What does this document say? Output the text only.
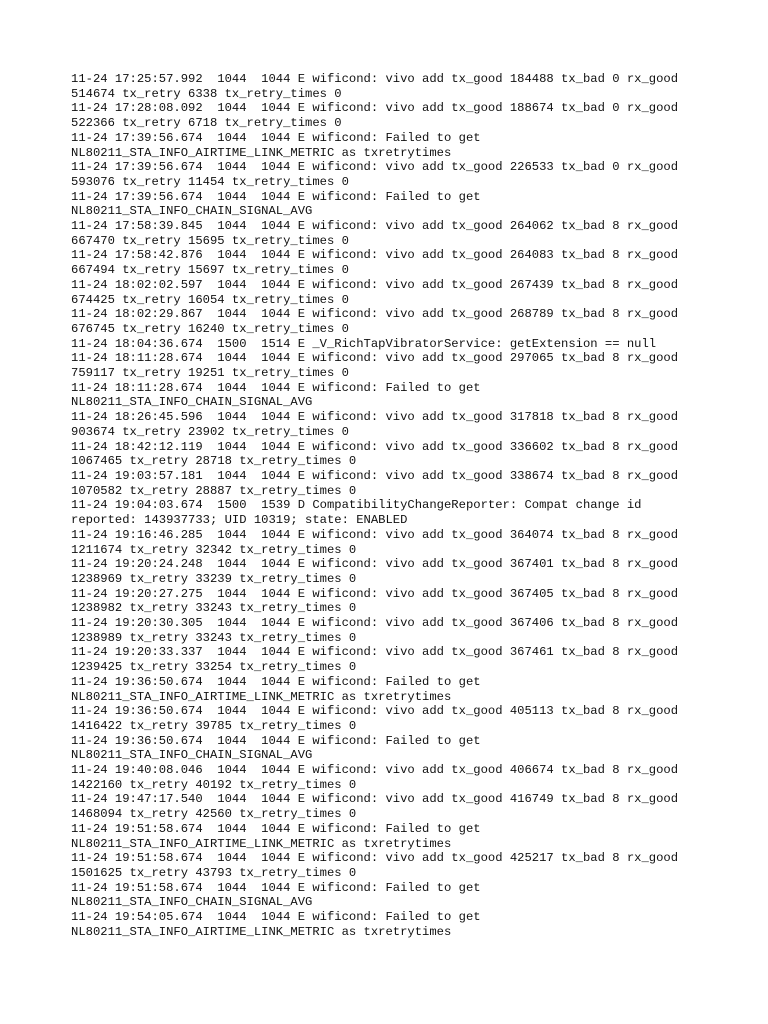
11-24 17:25:57.992  1044  1044 E wificond: vivo add tx_good 184488 tx_bad 0 rx_good
514674 tx_retry 6338 tx_retry_times 0
11-24 17:28:08.092  1044  1044 E wificond: vivo add tx_good 188674 tx_bad 0 rx_good
522366 tx_retry 6718 tx_retry_times 0
11-24 17:39:56.674  1044  1044 E wificond: Failed to get
NL80211_STA_INFO_AIRTIME_LINK_METRIC as txretrytimes
11-24 17:39:56.674  1044  1044 E wificond: vivo add tx_good 226533 tx_bad 0 rx_good
593076 tx_retry 11454 tx_retry_times 0
11-24 17:39:56.674  1044  1044 E wificond: Failed to get
NL80211_STA_INFO_CHAIN_SIGNAL_AVG
11-24 17:58:39.845  1044  1044 E wificond: vivo add tx_good 264062 tx_bad 8 rx_good
667470 tx_retry 15695 tx_retry_times 0
11-24 17:58:42.876  1044  1044 E wificond: vivo add tx_good 264083 tx_bad 8 rx_good
667494 tx_retry 15697 tx_retry_times 0
11-24 18:02:02.597  1044  1044 E wificond: vivo add tx_good 267439 tx_bad 8 rx_good
674425 tx_retry 16054 tx_retry_times 0
11-24 18:02:29.867  1044  1044 E wificond: vivo add tx_good 268789 tx_bad 8 rx_good
676745 tx_retry 16240 tx_retry_times 0
11-24 18:04:36.674  1500  1514 E _V_RichTapVibratorService: getExtension == null
11-24 18:11:28.674  1044  1044 E wificond: vivo add tx_good 297065 tx_bad 8 rx_good
759117 tx_retry 19251 tx_retry_times 0
11-24 18:11:28.674  1044  1044 E wificond: Failed to get
NL80211_STA_INFO_CHAIN_SIGNAL_AVG
11-24 18:26:45.596  1044  1044 E wificond: vivo add tx_good 317818 tx_bad 8 rx_good
903674 tx_retry 23902 tx_retry_times 0
11-24 18:42:12.119  1044  1044 E wificond: vivo add tx_good 336602 tx_bad 8 rx_good
1067465 tx_retry 28718 tx_retry_times 0
11-24 19:03:57.181  1044  1044 E wificond: vivo add tx_good 338674 tx_bad 8 rx_good
1070582 tx_retry 28887 tx_retry_times 0
11-24 19:04:03.674  1500  1539 D CompatibilityChangeReporter: Compat change id
reported: 143937733; UID 10319; state: ENABLED
11-24 19:16:46.285  1044  1044 E wificond: vivo add tx_good 364074 tx_bad 8 rx_good
1211674 tx_retry 32342 tx_retry_times 0
11-24 19:20:24.248  1044  1044 E wificond: vivo add tx_good 367401 tx_bad 8 rx_good
1238969 tx_retry 33239 tx_retry_times 0
11-24 19:20:27.275  1044  1044 E wificond: vivo add tx_good 367405 tx_bad 8 rx_good
1238982 tx_retry 33243 tx_retry_times 0
11-24 19:20:30.305  1044  1044 E wificond: vivo add tx_good 367406 tx_bad 8 rx_good
1238989 tx_retry 33243 tx_retry_times 0
11-24 19:20:33.337  1044  1044 E wificond: vivo add tx_good 367461 tx_bad 8 rx_good
1239425 tx_retry 33254 tx_retry_times 0
11-24 19:36:50.674  1044  1044 E wificond: Failed to get
NL80211_STA_INFO_AIRTIME_LINK_METRIC as txretrytimes
11-24 19:36:50.674  1044  1044 E wificond: vivo add tx_good 405113 tx_bad 8 rx_good
1416422 tx_retry 39785 tx_retry_times 0
11-24 19:36:50.674  1044  1044 E wificond: Failed to get
NL80211_STA_INFO_CHAIN_SIGNAL_AVG
11-24 19:40:08.046  1044  1044 E wificond: vivo add tx_good 406674 tx_bad 8 rx_good
1422160 tx_retry 40192 tx_retry_times 0
11-24 19:47:17.540  1044  1044 E wificond: vivo add tx_good 416749 tx_bad 8 rx_good
1468094 tx_retry 42560 tx_retry_times 0
11-24 19:51:58.674  1044  1044 E wificond: Failed to get
NL80211_STA_INFO_AIRTIME_LINK_METRIC as txretrytimes
11-24 19:51:58.674  1044  1044 E wificond: vivo add tx_good 425217 tx_bad 8 rx_good
1501625 tx_retry 43793 tx_retry_times 0
11-24 19:51:58.674  1044  1044 E wificond: Failed to get
NL80211_STA_INFO_CHAIN_SIGNAL_AVG
11-24 19:54:05.674  1044  1044 E wificond: Failed to get
NL80211_STA_INFO_AIRTIME_LINK_METRIC as txretrytimes
